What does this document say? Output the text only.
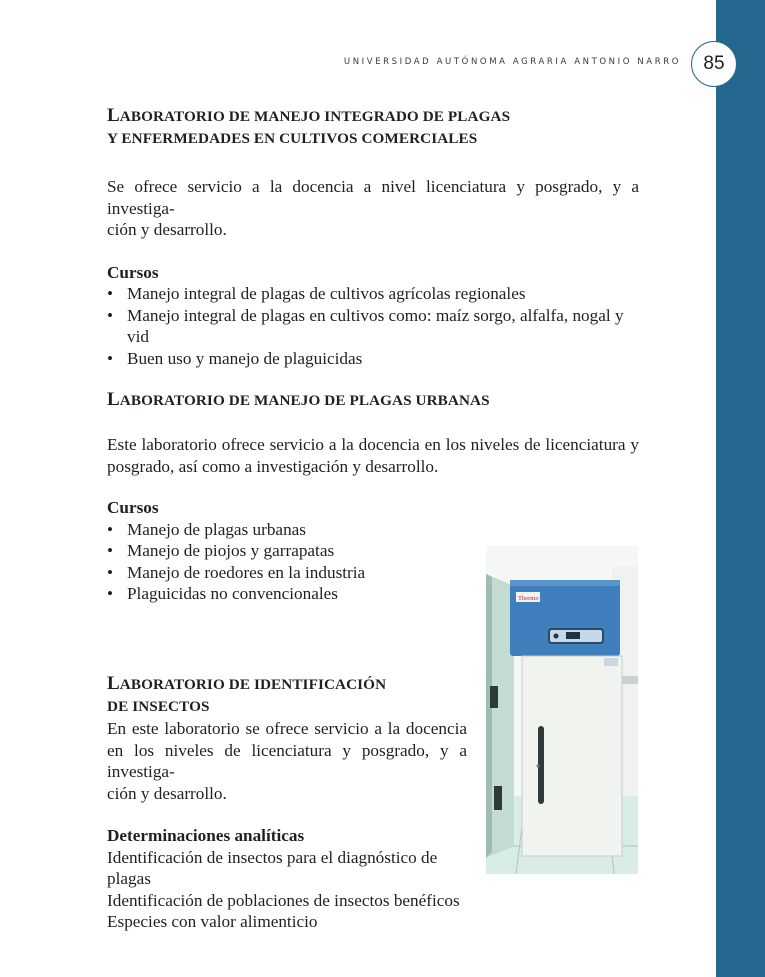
UNIVERSIDAD AUTÓNOMA AGRARIA ANTONIO NARRO 85
LABORATORIO DE MANEJO INTEGRADO DE PLAGAS
Y ENFERMEDADES EN CULTIVOS COMERCIALES

Se ofrece servicio a la docencia a nivel licenciatura y posgrado, y a investiga-
ción y desarrollo.

Cursos

• Manejo integral de plagas de cultivos agrícolas regionales
• Manejo integral de plagas en cultivos como: maíz sorgo, alfalfa, nogal y vid
• Buen uso y manejo de plaguicidas
LABORATORIO DE MANEJO DE PLAGAS URBANAS

Este laboratorio ofrece servicio a la docencia en los niveles de licenciatura y posgrado, así como a investigación y desarrollo.

Cursos

• Manejo de plagas urbanas
• Manejo de piojos y garrapatas
• Manejo de roedores en la industria
• Plaguicidas no convencionales
LABORATORIO DE IDENTIFICACIÓN
DE INSECTOS

En este laboratorio se ofrece servicio a la docencia en los niveles de licenciatura y posgrado, y a investiga-
ción y desarrollo.

Determinaciones analíticas

Identificación de insectos para el diagnóstico de plagas
Identificación de poblaciones de insectos benéficos
Especies con valor alimenticio
Thermo
